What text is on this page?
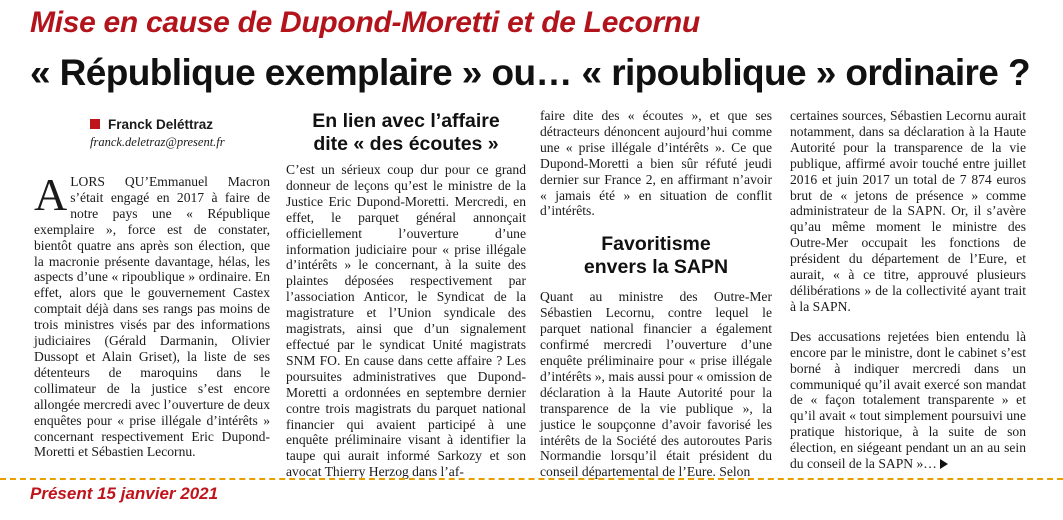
Mise en cause de Dupond-Moretti et de Lecornu
« République exemplaire » ou… « ripoublique » ordinaire ?
Franck Deléttraz
franck.deletraz@present.fr
A LORS QU’Emmanuel Macron s’était engagé en 2017 à faire de notre pays une « République exemplaire », force est de constater, bientôt quatre ans après son élection, que la macronie présente davantage, hélas, les aspects d’une « ripoublique » ordinaire. En effet, alors que le gouvernement Castex comptait déjà dans ses rangs pas moins de trois ministres visés par des informations judiciaires (Gérald Darmanin, Olivier Dussopt et Alain Griset), la liste de ses détenteurs de maroquins dans le collimateur de la justice s’est encore allongée mercredi avec l’ouverture de deux enquêtes pour « prise illégale d’intérêts » concernant respectivement Eric Dupond-Moretti et Sébastien Lecornu.

En lien avec l’affaire dite « des écoutes »

C’est un sérieux coup dur pour ce grand donneur de leçons qu’est le ministre de la Justice Eric Dupond-Moretti. Mercredi, en effet, le parquet général annonçait officiellement l’ouverture d’une information judiciaire pour « prise illégale d’intérêts » le concernant, à la suite des plaintes déposées respectivement par l’association Anticor, le Syndicat de la magistrature et l’Union syndicale des magistrats, ainsi que d’un signalement effectué par le syndicat Unité magistrats SNM FO. En cause dans cette affaire ? Les poursuites administratives que Dupond-Moretti a ordonnées en septembre dernier contre trois magistrats du parquet national financier qui avaient participé à une enquête préliminaire visant à identifier la taupe qui aurait informé Sarkozy et son avocat Thierry Herzog dans l’af-

faire dite des « écoutes », et que ses détracteurs dénoncent aujourd’hui comme une « prise illégale d’intérêts ». Ce que Dupond-Moretti a bien sûr réfuté jeudi dernier sur France 2, en affirmant n’avoir « jamais été » en situation de conflit d’intérêts.

Favoritisme envers la SAPN

Quant au ministre des Outre-Mer Sébastien Lecornu, contre lequel le parquet national financier a également confirmé mercredi l’ouverture d’une enquête préliminaire pour « prise illégale d’intérêts », mais aussi pour « omission de déclaration à la Haute Autorité pour la transparence de la vie publique », la justice le soupçonne d’avoir favorisé les intérêts de la Société des autoroutes Paris Normandie lorsqu’il était président du conseil départemental de l’Eure. Selon

certaines sources, Sébastien Lecornu aurait notamment, dans sa déclaration à la Haute Autorité pour la transparence de la vie publique, affirmé avoir touché entre juillet 2016 et juin 2017 un total de 7 874 euros brut de « jetons de présence » comme administrateur de la SAPN. Or, il s’avère qu’au même moment le ministre des Outre-Mer occupait les fonctions de président du département de l’Eure, et aurait, « à ce titre, approuvé plusieurs délibérations » de la collectivité ayant trait à la SAPN.

Des accusations rejetées bien entendu là encore par le ministre, dont le cabinet s’est borné à indiquer mercredi dans un communiqué qu’il avait exercé son mandat de « façon totalement transparente » et qu’il avait « tout simplement poursuivi une pratique historique, à la suite de son élection, en siégeant pendant un an au sein du conseil de la SAPN »…

Présent 15 janvier 2021
